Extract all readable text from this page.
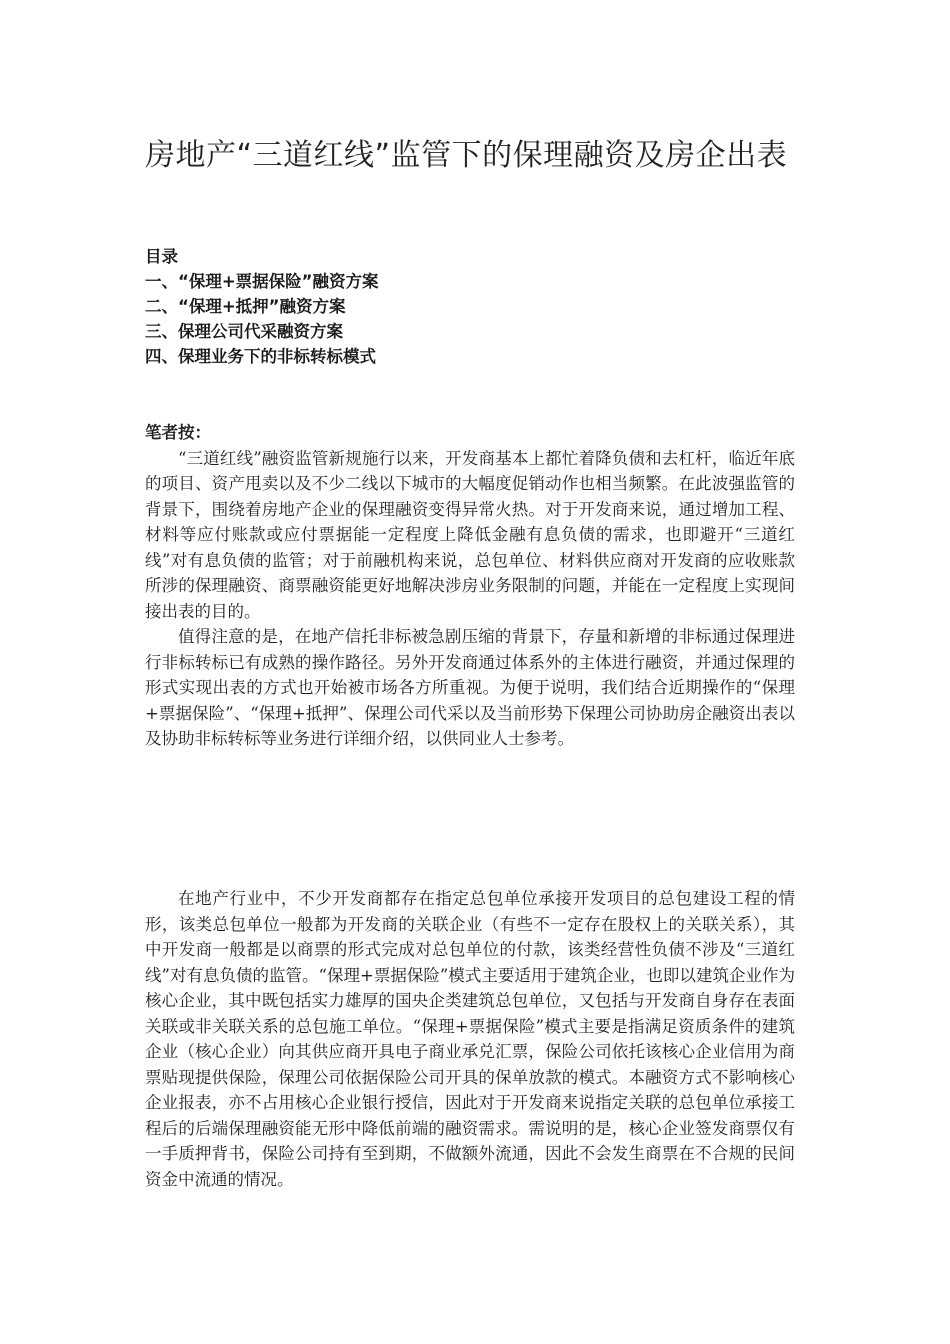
房地产“三道红线”监管下的保理融资及房企出表
目录
一、“保理+票据保险”融资方案
二、“保理+抵押”融资方案
三、保理公司代采融资方案
四、保理业务下的非标转标模式

笔者按：

“三道红线”融资监管新规施行以来，开发商基本上都忙着降负债和去杠杆，临近年底的项目、资产甩卖以及不少二线以下城市的大幅度促销动作也相当频繁。在此波强监管的背景下，围绕着房地产企业的保理融资变得异常火热。对于开发商来说，通过增加工程、材料等应付账款或应付票据能一定程度上降低金融有息负债的需求，也即避开“三道红线”对有息负债的监管；对于前融机构来说，总包单位、材料供应商对开发商的应收账款所涉的保理融资、商票融资能更好地解决涉房业务限制的问题，并能在一定程度上实现间接出表的目的。

值得注意的是，在地产信托非标被急剧压缩的背景下，存量和新增的非标通过保理进行非标转标已有成熟的操作路径。另外开发商通过体系外的主体进行融资，并通过保理的形式实现出表的方式也开始被市场各方所重视。为便于说明，我们结合近期操作的“保理+票据保险”、“保理+抵押”、保理公司代采以及当前形势下保理公司协助房企融资出表以及协助非标转标等业务进行详细介绍，以供同业人士参考。

在地产行业中，不少开发商都存在指定总包单位承接开发项目的总包建设工程的情形，该类总包单位一般都为开发商的关联企业（有些不一定存在股权上的关联关系），其中开发商一般都是以商票的形式完成对总包单位的付款，该类经营性负债不涉及“三道红线”对有息负债的监管。“保理+票据保险”模式主要适用于建筑企业，也即以建筑企业作为核心企业，其中既包括实力雄厚的国央企类建筑总包单位，又包括与开发商自身存在表面关联或非关联关系的总包施工单位。“保理+票据保险”模式主要是指满足资质条件的建筑企业（核心企业）向其供应商开具电子商业承兑汇票，保险公司依托该核心企业信用为商票贴现提供保险，保理公司依据保险公司开具的保单放款的模式。本融资方式不影响核心企业报表，亦不占用核心企业银行授信，因此对于开发商来说指定关联的总包单位承接工程后的后端保理融资能无形中降低前端的融资需求。需说明的是，核心企业签发商票仅有一手质押背书，保险公司持有至到期，不做额外流通，因此不会发生商票在不合规的民间资金中流通的情况。
